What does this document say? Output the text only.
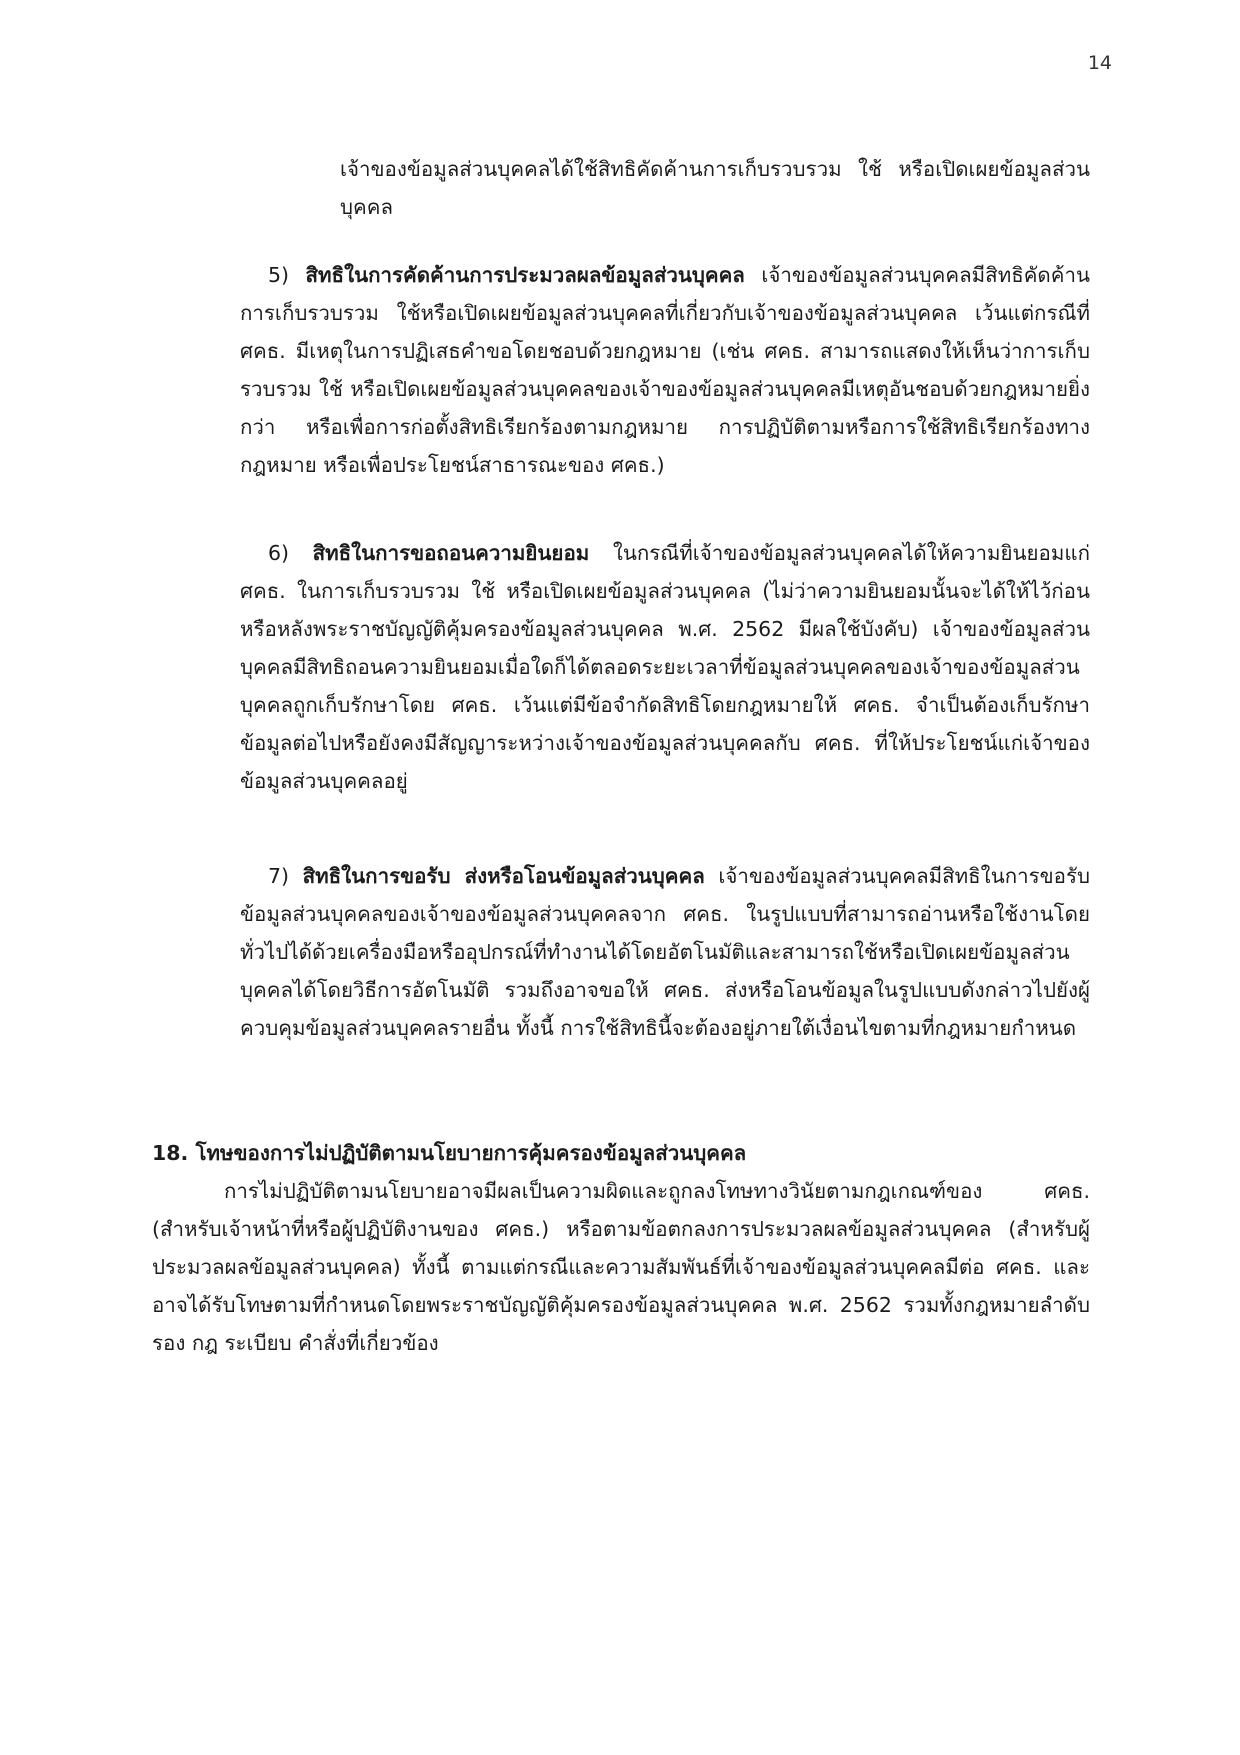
14

เจ้าของข้อมูลส่วนบุคคลได้ใช้สิทธิคัดค้านการเก็บรวบรวม ใช้ หรือเปิดเผยข้อมูลส่วนบุคคล

5) สิทธิในการคัดค้านการประมวลผลข้อมูลส่วนบุคคล เจ้าของข้อมูลส่วนบุคคลมีสิทธิคัดค้านการเก็บรวบรวม ใช้หรือเปิดเผยข้อมูลส่วนบุคคลที่เกี่ยวกับเจ้าของข้อมูลส่วนบุคคล เว้นแต่กรณีที่ ศคธ. มีเหตุในการปฏิเสธคำขอโดยชอบด้วยกฎหมาย (เช่น ศคธ. สามารถแสดงให้เห็นว่าการเก็บรวบรวม ใช้ หรือเปิดเผยข้อมูลส่วนบุคคลของเจ้าของข้อมูลส่วนบุคคลมีเหตุอันชอบด้วยกฎหมายยิ่งกว่า หรือเพื่อการก่อตั้งสิทธิเรียกร้องตามกฎหมาย การปฏิบัติตามหรือการใช้สิทธิเรียกร้องทางกฎหมาย หรือเพื่อประโยชน์สาธารณะของ ศคธ.)

6) สิทธิในการขอถอนความยินยอม ในกรณีที่เจ้าของข้อมูลส่วนบุคคลได้ให้ความยินยอมแก่ ศคธ. ในการเก็บรวบรวม ใช้ หรือเปิดเผยข้อมูลส่วนบุคคล (ไม่ว่าความยินยอมนั้นจะได้ให้ไว้ก่อนหรือหลังพระราชบัญญัติคุ้มครองข้อมูลส่วนบุคคล พ.ศ. 2562 มีผลใช้บังคับ) เจ้าของข้อมูลส่วนบุคคลมีสิทธิถอนความยินยอมเมื่อใดก็ได้ตลอดระยะเวลาที่ข้อมูลส่วนบุคคลของเจ้าของข้อมูลส่วนบุคคลถูกเก็บรักษาโดย ศคธ. เว้นแต่มีข้อจำกัดสิทธิโดยกฎหมายให้ ศคธ. จำเป็นต้องเก็บรักษาข้อมูลต่อไปหรือยังคงมีสัญญาระหว่างเจ้าของข้อมูลส่วนบุคคลกับ ศคธ. ที่ให้ประโยชน์แก่เจ้าของข้อมูลส่วนบุคคลอยู่

7) สิทธิในการขอรับ ส่งหรือโอนข้อมูลส่วนบุคคล เจ้าของข้อมูลส่วนบุคคลมีสิทธิในการขอรับข้อมูลส่วนบุคคลของเจ้าของข้อมูลส่วนบุคคลจาก ศคธ. ในรูปแบบที่สามารถอ่านหรือใช้งานโดยทั่วไปได้ด้วยเครื่องมือหรืออุปกรณ์ที่ทำงานได้โดยอัตโนมัติและสามารถใช้หรือเปิดเผยข้อมูลส่วนบุคคลได้โดยวิธีการอัตโนมัติ รวมถึงอาจขอให้ ศคธ. ส่งหรือโอนข้อมูลในรูปแบบดังกล่าวไปยังผู้ควบคุมข้อมูลส่วนบุคคลรายอื่น ทั้งนี้ การใช้สิทธินี้จะต้องอยู่ภายใต้เงื่อนไขตามที่กฎหมายกำหนด

18. โทษของการไม่ปฏิบัติตามนโยบายการคุ้มครองข้อมูลส่วนบุคคล

การไม่ปฏิบัติตามนโยบายอาจมีผลเป็นความผิดและถูกลงโทษทางวินัยตามกฎเกณฑ์ของ ศคธ. (สำหรับเจ้าหน้าที่หรือผู้ปฏิบัติงานของ ศคธ.) หรือตามข้อตกลงการประมวลผลข้อมูลส่วนบุคคล (สำหรับผู้ประมวลผลข้อมูลส่วนบุคคล) ทั้งนี้ ตามแต่กรณีและความสัมพันธ์ที่เจ้าของข้อมูลส่วนบุคคลมีต่อ ศคธ. และอาจได้รับโทษตามที่กำหนดโดยพระราชบัญญัติคุ้มครองข้อมูลส่วนบุคคล พ.ศ. 2562 รวมทั้งกฎหมายลำดับรอง กฎ ระเบียบ คำสั่งที่เกี่ยวข้อง
